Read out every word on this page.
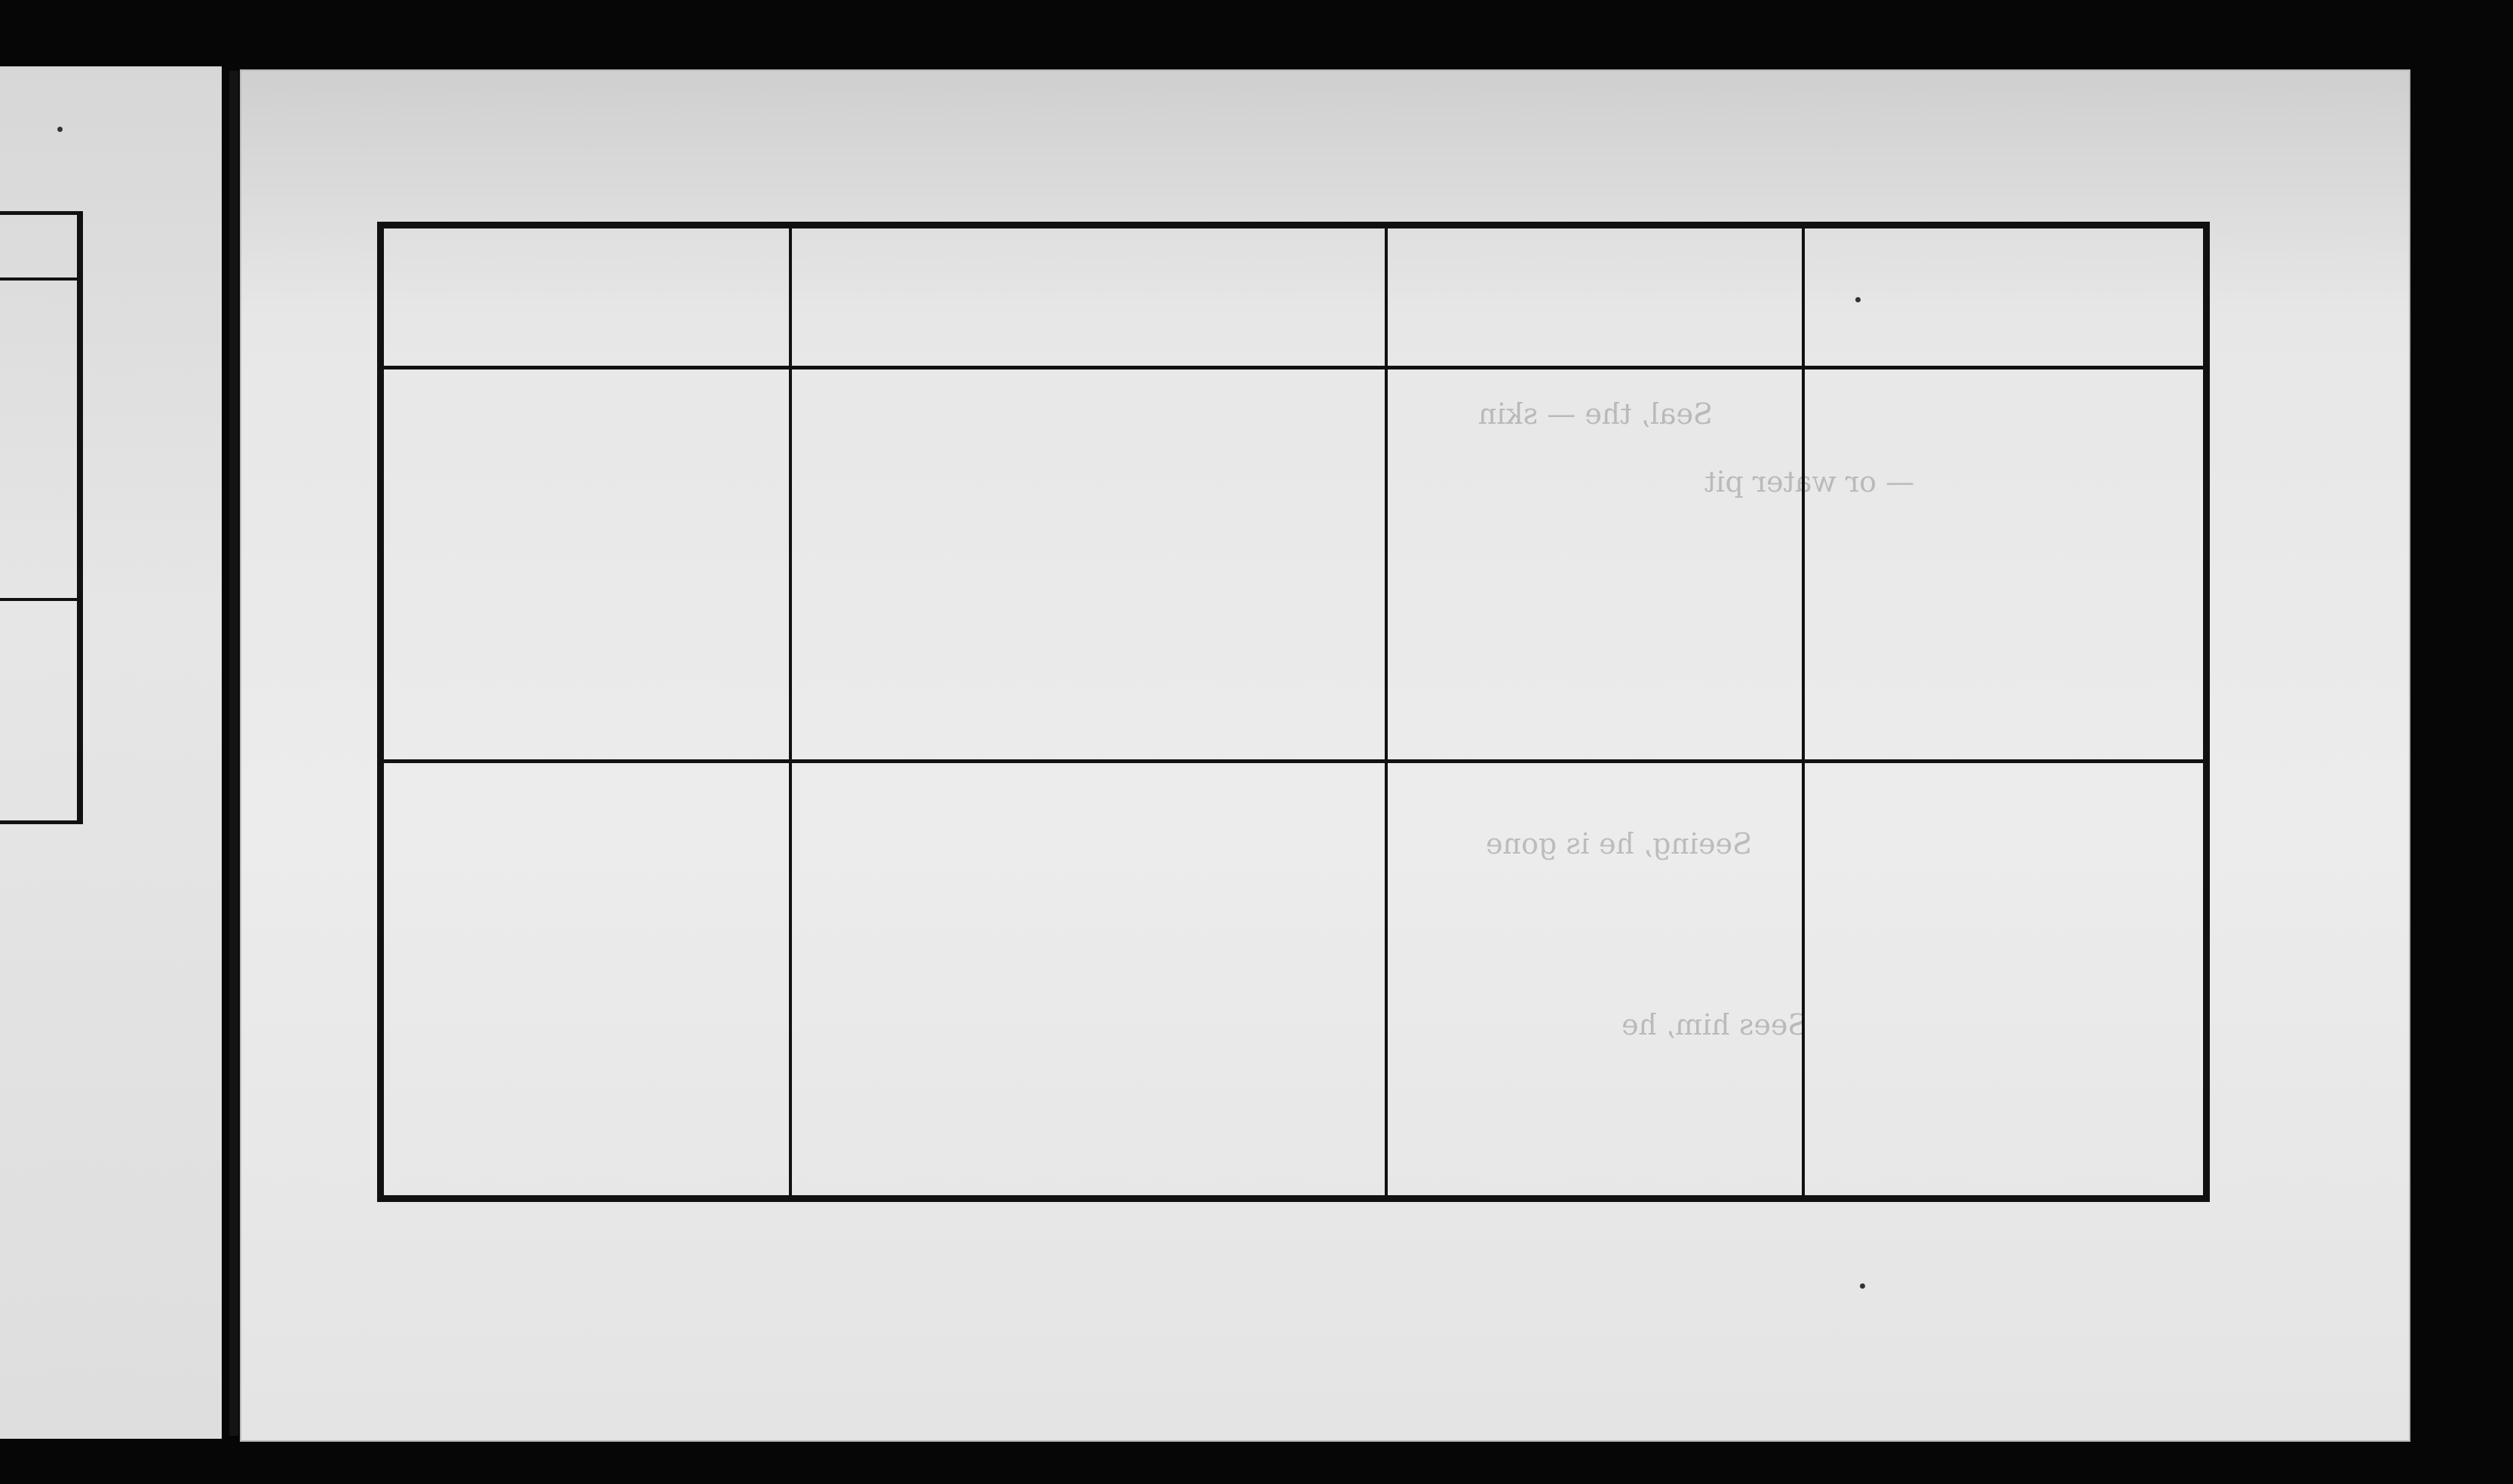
Seal, the — skin
— or water pit
Seeing, he is gone
Sees him, he
